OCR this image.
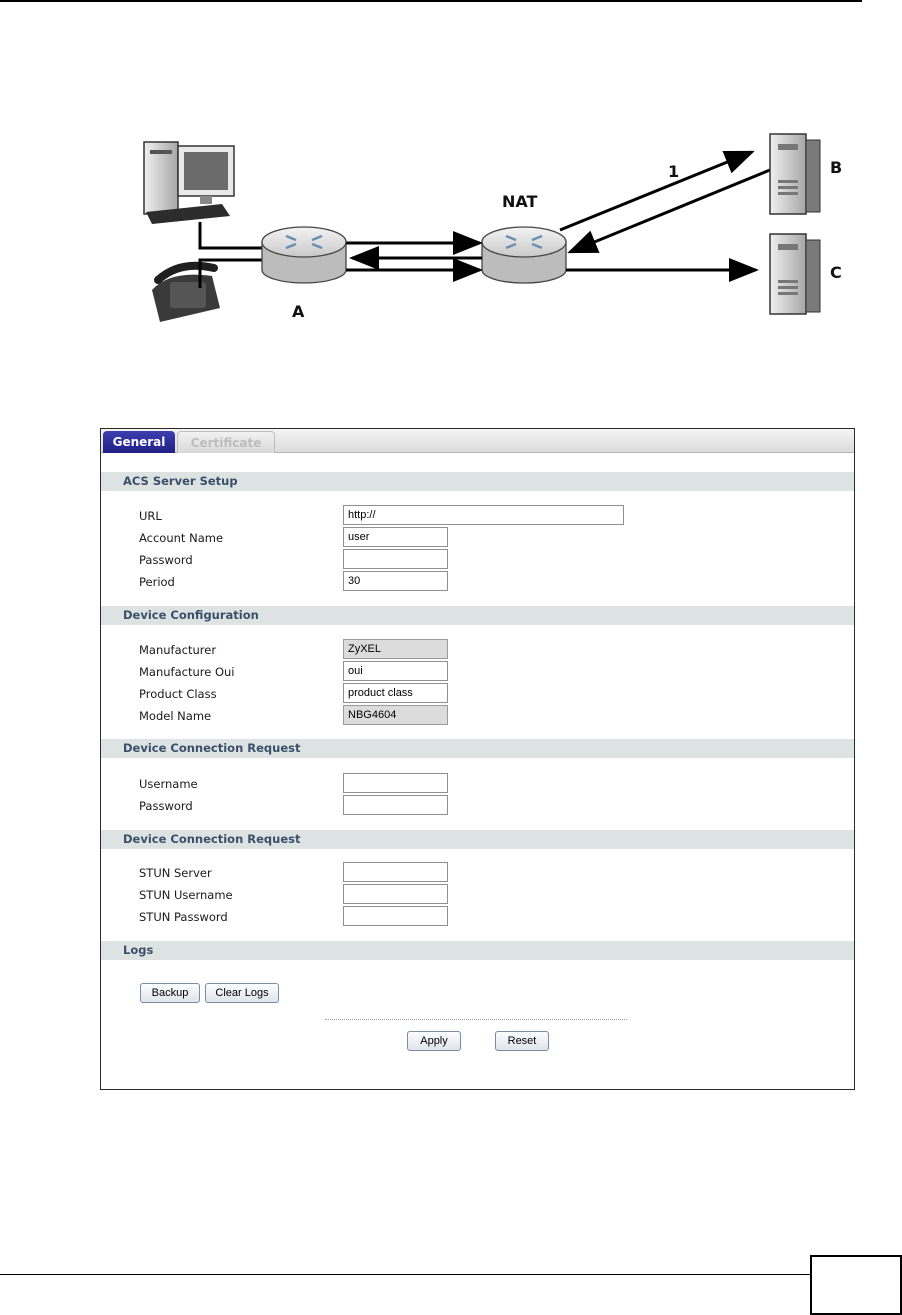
NAT
1
A
B
C
General	Certificate
ACS Server Setup
URL	http://
Account Name	user
Password
Period	30
Device Configuration
Manufacturer	ZyXEL
Manufacture Oui	oui
Product Class	product class
Model Name	NBG4604
Device Connection Request
Username
Password
Device Connection Request
STUN Server
STUN Username
STUN Password
Logs
Backup	Clear Logs
Apply	Reset
